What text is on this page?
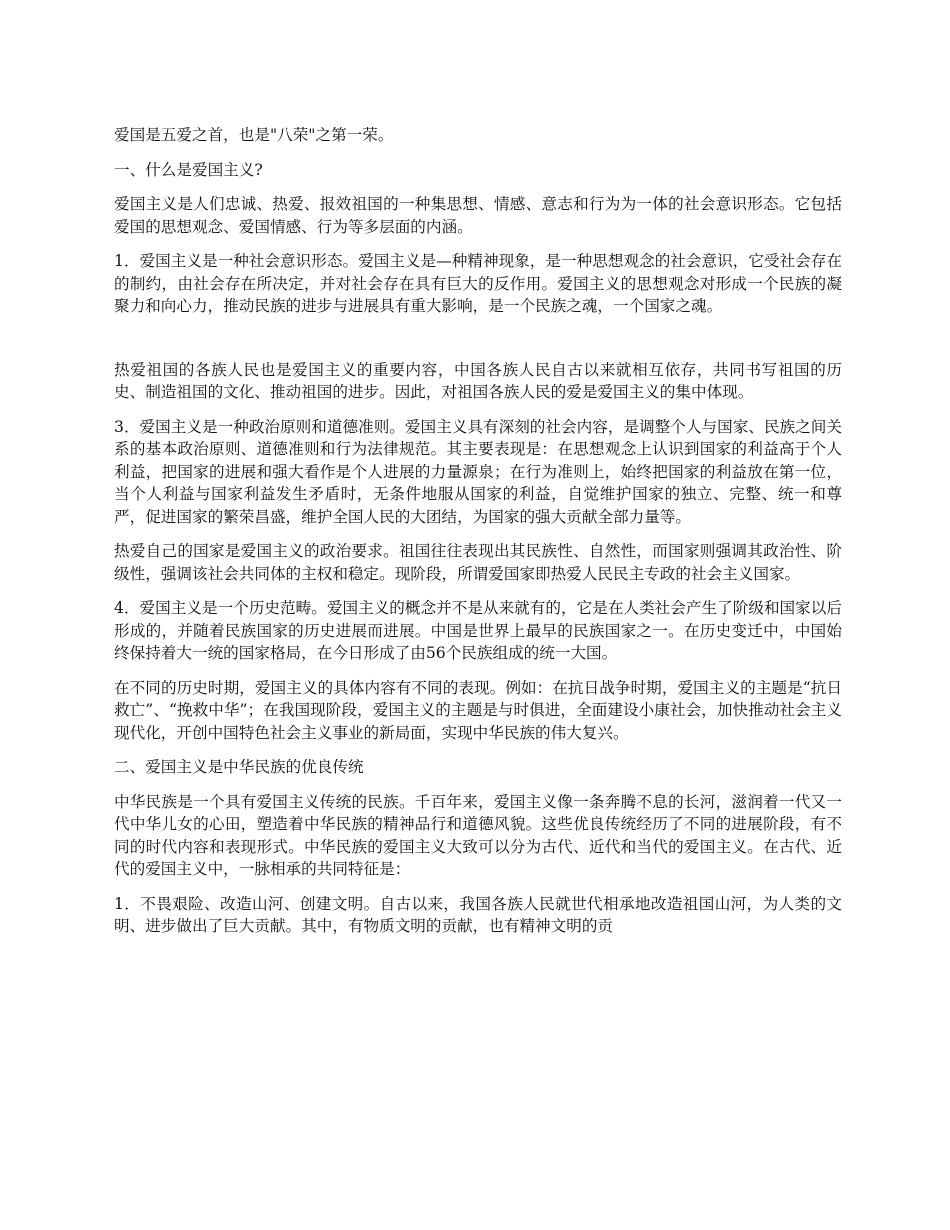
爱国是五爱之首，也是"八荣"之第一荣。

一、什么是爱国主义?

爱国主义是人们忠诚、热爱、报效祖国的一种集思想、情感、意志和行为为一体的社会意识形态。它包括爱国的思想观念、爱国情感、行为等多层面的内涵。

1．爱国主义是一种社会意识形态。爱国主义是—种精神现象，是一种思想观念的社会意识，它受社会存在的制约，由社会存在所决定，并对社会存在具有巨大的反作用。爱国主义的思想观念对形成一个民族的凝聚力和向心力，推动民族的进步与进展具有重大影响，是一个民族之魂，一个国家之魂。

热爱祖国的各族人民也是爱国主义的重要内容，中国各族人民自古以来就相互依存，共同书写祖国的历史、制造祖国的文化、推动祖国的进步。因此，对祖国各族人民的爱是爱国主义的集中体现。

3．爱国主义是一种政治原则和道德准则。爱国主义具有深刻的社会内容，是调整个人与国家、民族之间关系的基本政治原则、道德准则和行为法律规范。其主要表现是：在思想观念上认识到国家的利益高于个人利益，把国家的进展和强大看作是个人进展的力量源泉；在行为准则上，始终把国家的利益放在第一位，当个人利益与国家利益发生矛盾时，无条件地服从国家的利益，自觉维护国家的独立、完整、统一和尊严，促进国家的繁荣昌盛，维护全国人民的大团结，为国家的强大贡献全部力量等。

热爱自己的国家是爱国主义的政治要求。祖国往往表现出其民族性、自然性，而国家则强调其政治性、阶级性，强调该社会共同体的主权和稳定。现阶段，所谓爱国家即热爱人民民主专政的社会主义国家。

4．爱国主义是一个历史范畴。爱国主义的概念并不是从来就有的，它是在人类社会产生了阶级和国家以后形成的，并随着民族国家的历史进展而进展。中国是世界上最早的民族国家之一。在历史变迁中，中国始终保持着大一统的国家格局，在今日形成了由56个民族组成的统一大国。

在不同的历史时期，爱国主义的具体内容有不同的表现。例如：在抗日战争时期，爱国主义的主题是“抗日救亡”、“挽救中华”；在我国现阶段，爱国主义的主题是与时俱进，全面建设小康社会，加快推动社会主义现代化，开创中国特色社会主义事业的新局面，实现中华民族的伟大复兴。

二、爱国主义是中华民族的优良传统

中华民族是一个具有爱国主义传统的民族。千百年来，爱国主义像一条奔腾不息的长河，滋润着一代又一代中华儿女的心田，塑造着中华民族的精神品行和道德风貌。这些优良传统经历了不同的进展阶段，有不同的时代内容和表现形式。中华民族的爱国主义大致可以分为古代、近代和当代的爱国主义。在古代、近代的爱国主义中，一脉相承的共同特征是：

1．不畏艰险、改造山河、创建文明。自古以来，我国各族人民就世代相承地改造祖国山河，为人类的文明、进步做出了巨大贡献。其中，有物质文明的贡献，也有精神文明的贡
